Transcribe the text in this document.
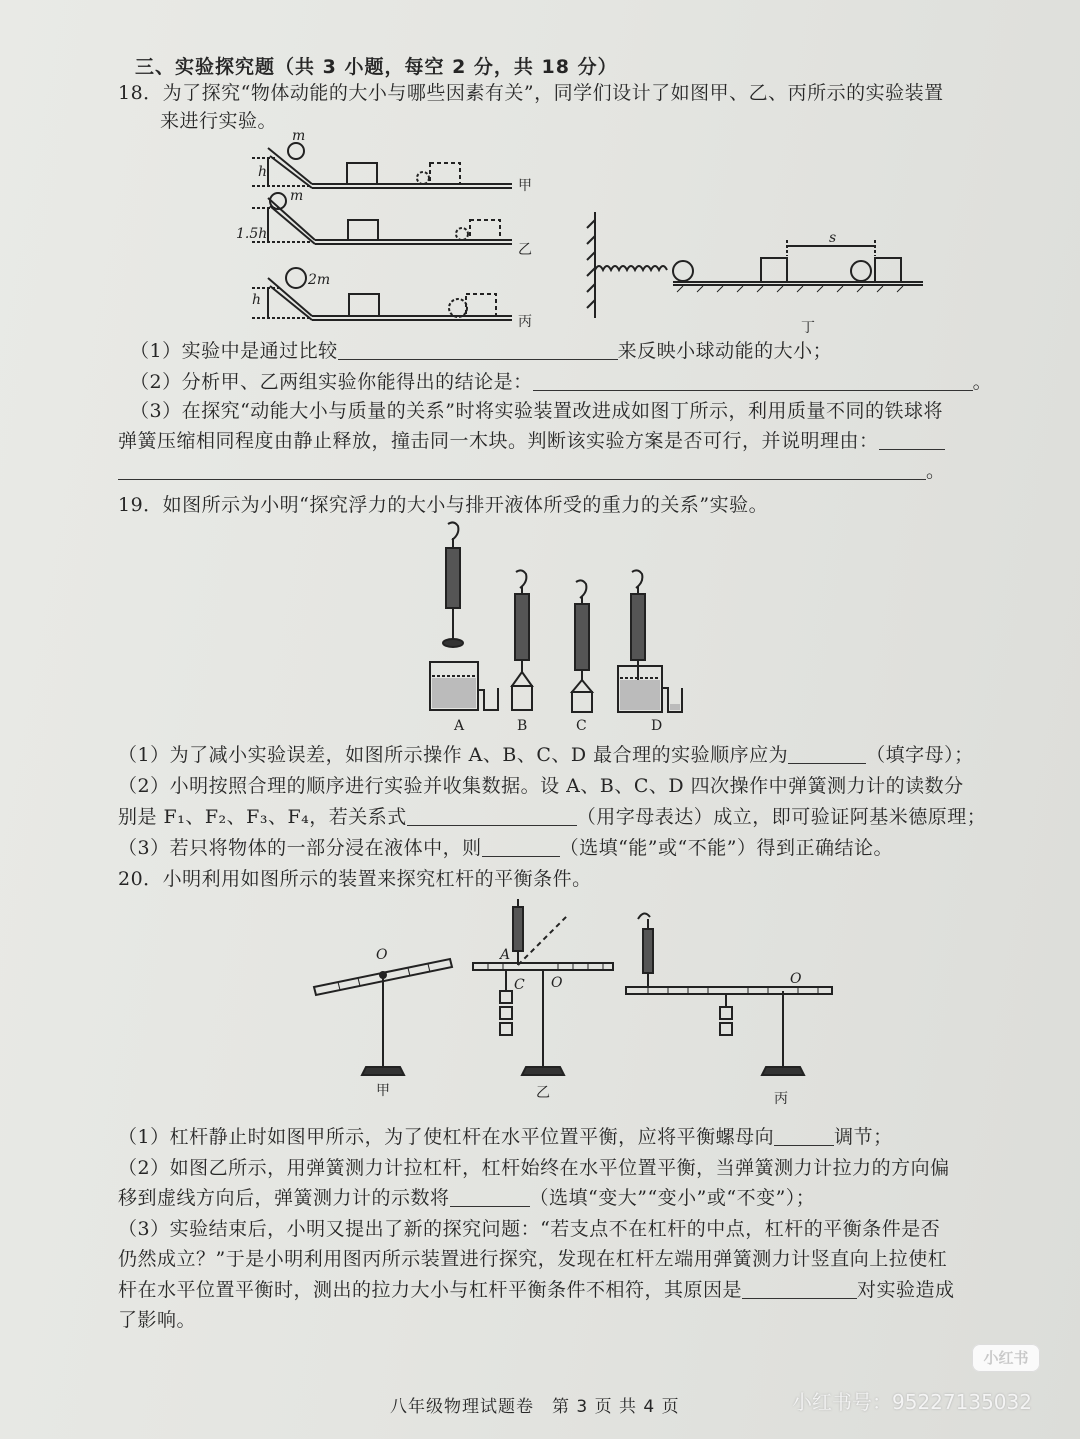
三、实验探究题（共 3 小题，每空 2 分，共 18 分）
18．为了探究“物体动能的大小与哪些因素有关”，同学们设计了如图甲、乙、丙所示的实验装置
来进行实验。
m
h
甲
m
1.5h
乙
2m
h
丙
s
丁
（1）实验中是通过比较	来反映小球动能的大小；
（2）分析甲、乙两组实验你能得出的结论是：	。
（3）在探究“动能大小与质量的关系”时将实验装置改进成如图丁所示，利用质量不同的铁球将
弹簧压缩相同程度由静止释放，撞击同一木块。判断该实验方案是否可行，并说明理由：
。
19．如图所示为小明“探究浮力的大小与排开液体所受的重力的关系”实验。
A	B	C	D
（1）为了减小实验误差，如图所示操作 A、B、C、D 最合理的实验顺序应为	（填字母）；
（2）小明按照合理的顺序进行实验并收集数据。设 A、B、C、D 四次操作中弹簧测力计的读数分
别是 F₁、F₂、F₃、F₄，若关系式	（用字母表达）成立，即可验证阿基米德原理；
（3）若只将物体的一部分浸在液体中，则	（选填“能”或“不能”）得到正确结论。
20．小明利用如图所示的装置来探究杠杆的平衡条件。
O
甲
A
C O
乙
O
丙
（1）杠杆静止时如图甲所示，为了使杠杆在水平位置平衡，应将平衡螺母向	调节；
（2）如图乙所示，用弹簧测力计拉杠杆，杠杆始终在水平位置平衡，当弹簧测力计拉力的方向偏
移到虚线方向后，弹簧测力计的示数将	（选填“变大”“变小”或“不变”）；
（3）实验结束后，小明又提出了新的探究问题：“若支点不在杠杆的中点，杠杆的平衡条件是否
仍然成立？”于是小明利用图丙所示装置进行探究，发现在杠杆左端用弹簧测力计竖直向上拉使杠
杆在水平位置平衡时，测出的拉力大小与杠杆平衡条件不相符，其原因是	对实验造成
了影响。
小红书
小红书号：95227135032
八年级物理试题卷　第 3 页 共 4 页
